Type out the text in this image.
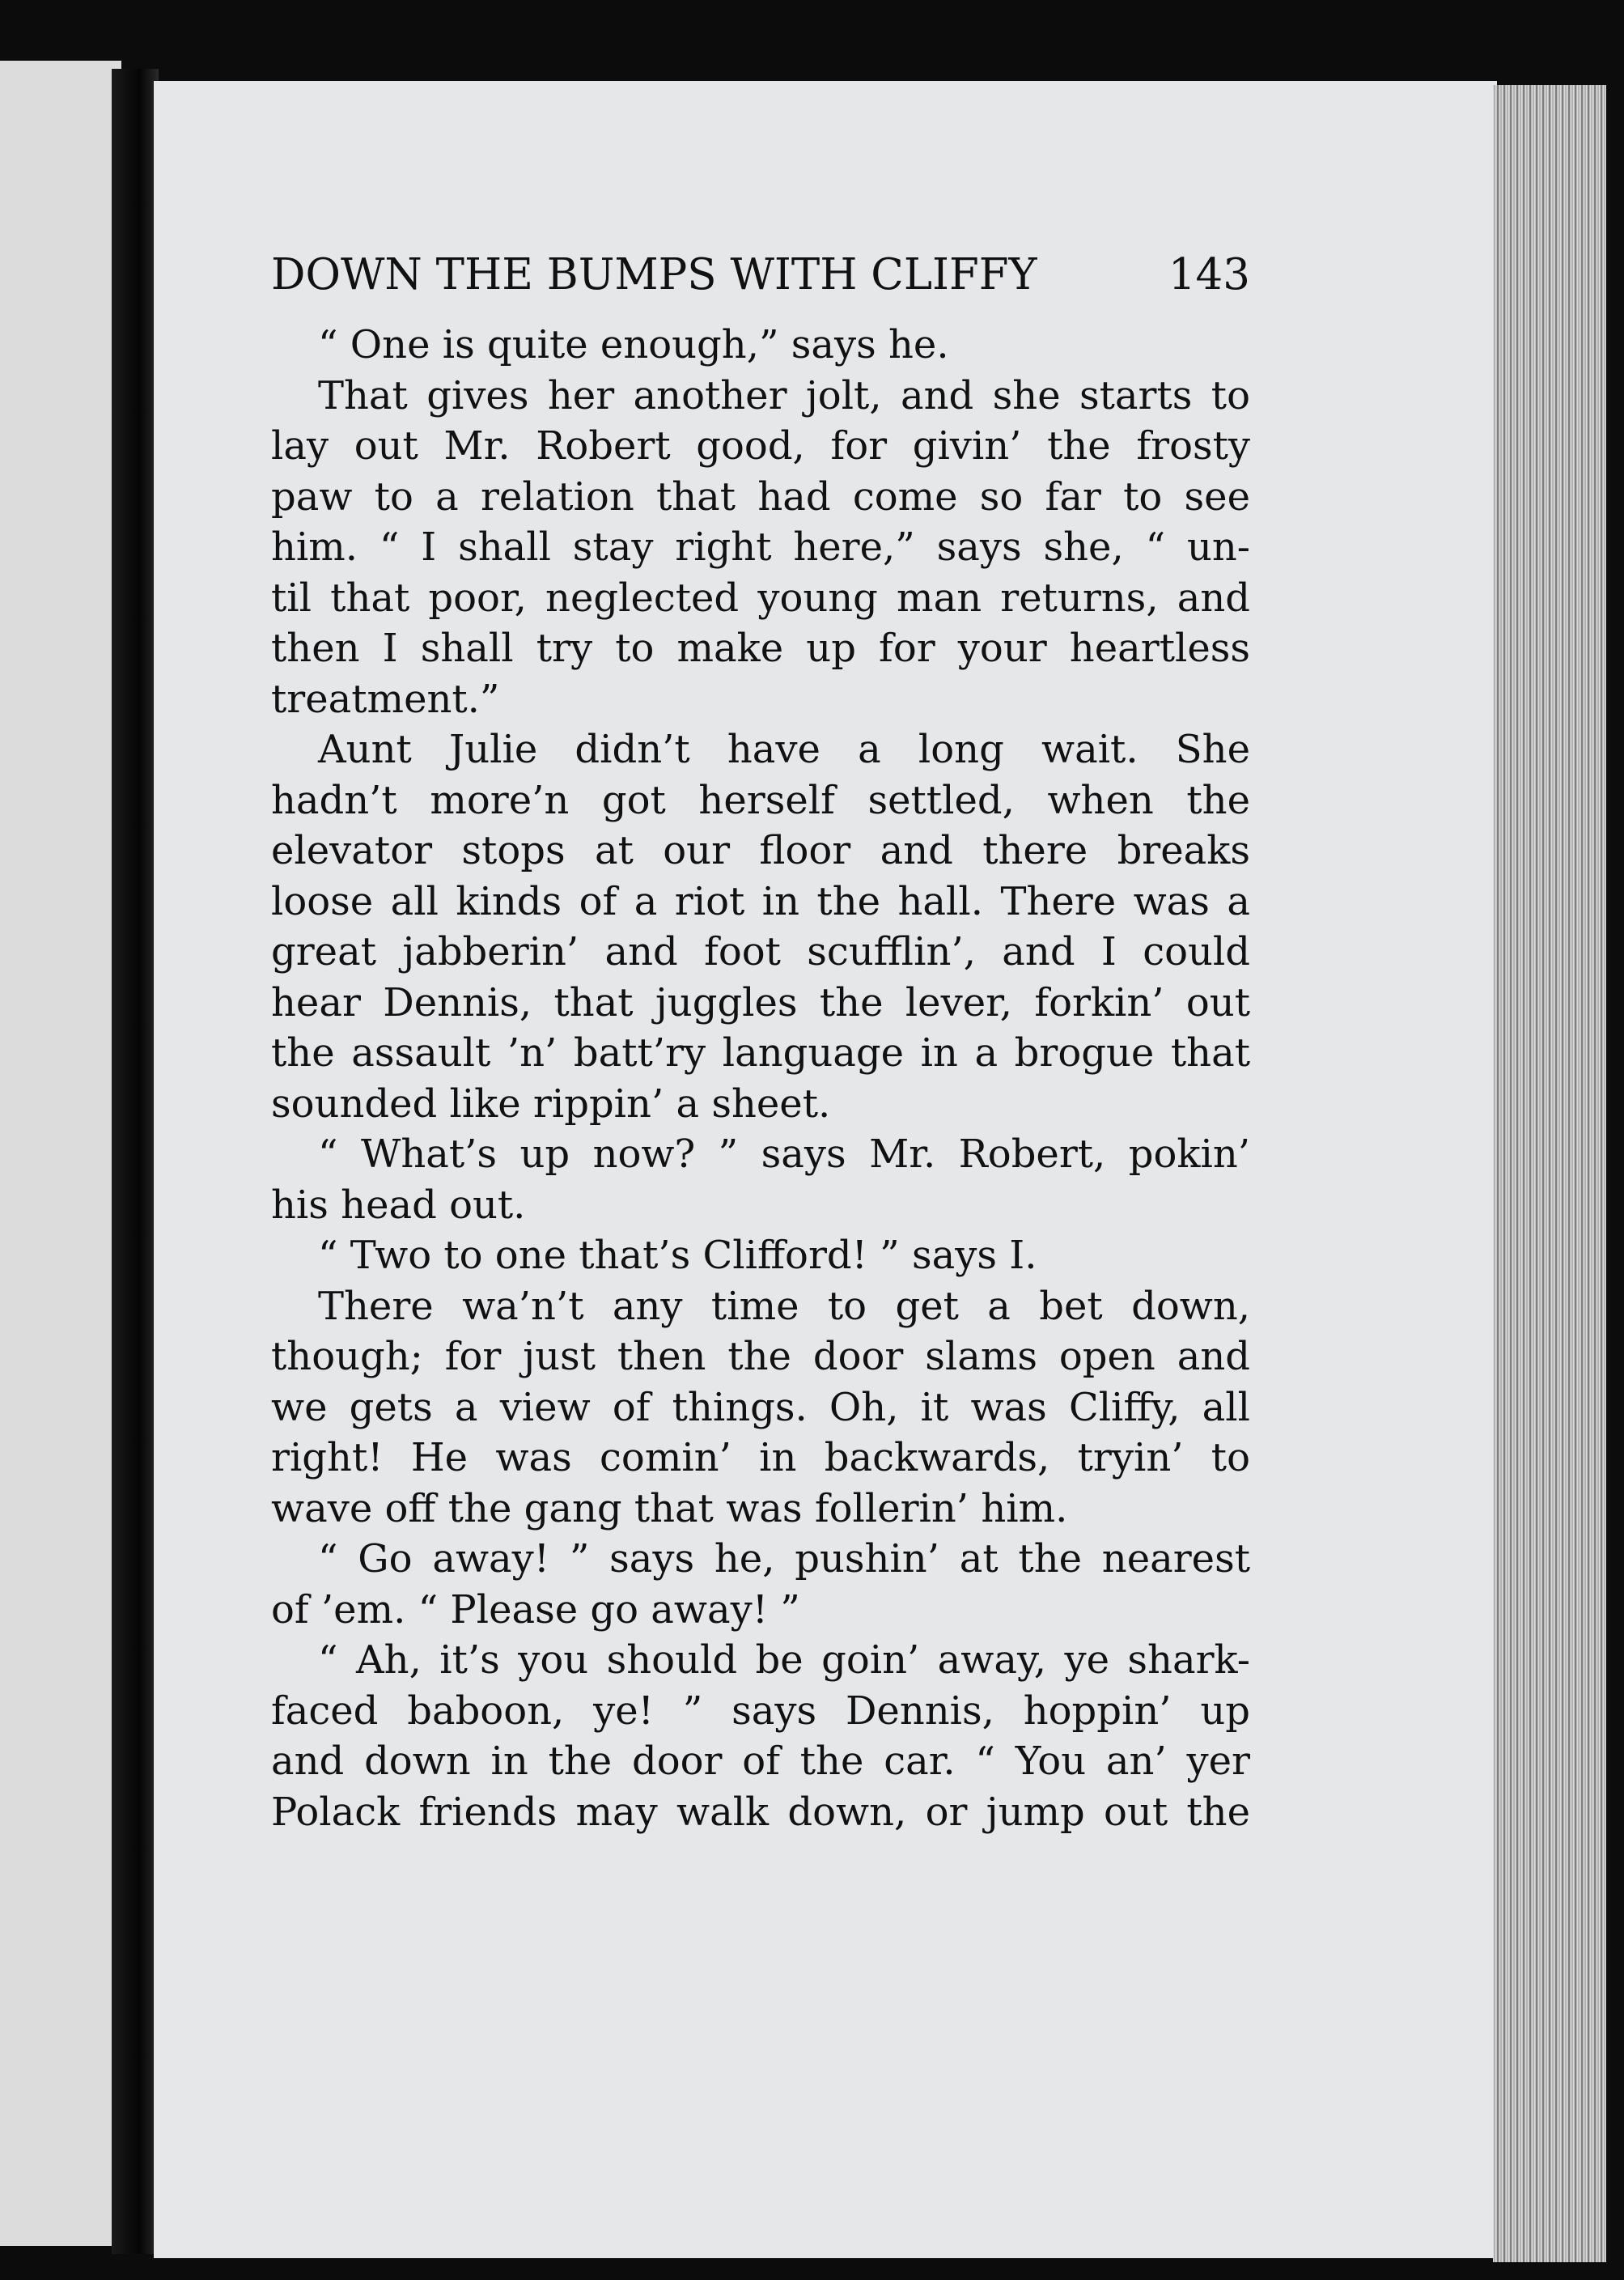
DOWN THE BUMPS WITH CLIFFY	143
“ One is quite enough,” says he.
That gives her another jolt, and she starts to
lay out Mr. Robert good, for givin’ the frosty
paw to a relation that had come so far to see
him. “ I shall stay right here,” says she, “ un-
til that poor, neglected young man returns, and
then I shall try to make up for your heartless
treatment.”
Aunt Julie didn’t have a long wait. She
hadn’t more’n got herself settled, when the
elevator stops at our floor and there breaks
loose all kinds of a riot in the hall. There was a
great jabberin’ and foot scufflin’, and I could
hear Dennis, that juggles the lever, forkin’ out
the assault ’n’ batt’ry language in a brogue that
sounded like rippin’ a sheet.
“ What’s up now? ” says Mr. Robert, pokin’
his head out.
“ Two to one that’s Clifford! ” says I.
There wa’n’t any time to get a bet down,
though; for just then the door slams open and
we gets a view of things. Oh, it was Cliffy, all
right! He was comin’ in backwards, tryin’ to
wave off the gang that was follerin’ him.
“ Go away! ” says he, pushin’ at the nearest
of ’em. “ Please go away! ”
“ Ah, it’s you should be goin’ away, ye shark-
faced baboon, ye! ” says Dennis, hoppin’ up
and down in the door of the car. “ You an’ yer
Polack friends may walk down, or jump out the
